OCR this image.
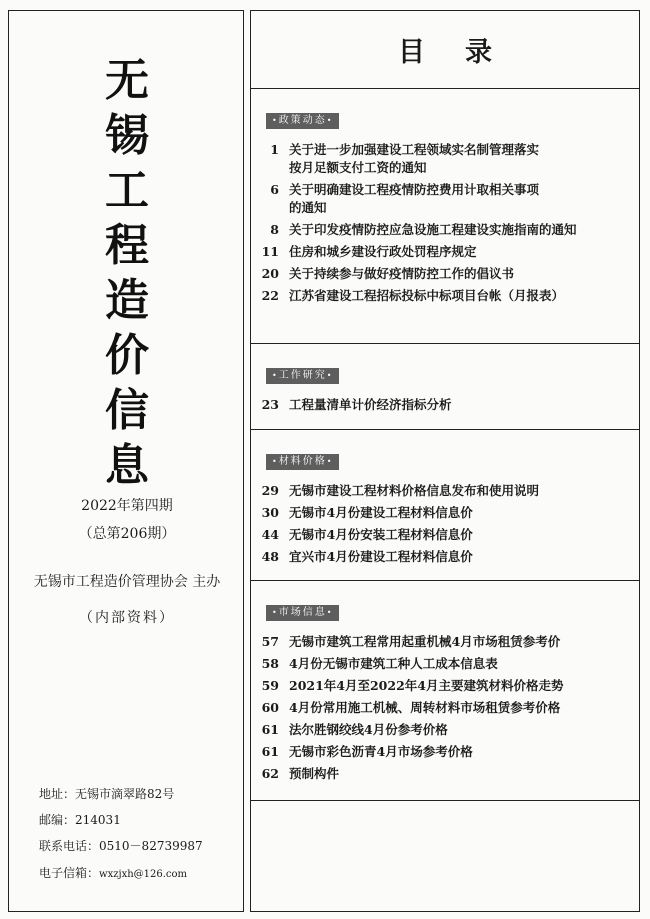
无
锡
工
程
造
价
信
息
2022年第四期
（总第206期）
无锡市工程造价管理协会 主办
（内部资料）
地址：无锡市滴翠路82号
邮编：214031
联系电话：0510－82739987
电子信箱：wxzjxh@126.com
目录
• 政策动态 •
1 关于进一步加强建设工程领域实名制管理落实
按月足额支付工资的通知
6 关于明确建设工程疫情防控费用计取相关事项
的通知
8 关于印发疫情防控应急设施工程建设实施指南的通知
11 住房和城乡建设行政处罚程序规定
20 关于持续参与做好疫情防控工作的倡议书
22 江苏省建设工程招标投标中标项目台帐（月报表）
• 工作研究 •
23 工程量清单计价经济指标分析
• 材料价格 •
29 无锡市建设工程材料价格信息发布和使用说明
30 无锡市4月份建设工程材料信息价
44 无锡市4月份安装工程材料信息价
48 宜兴市4月份建设工程材料信息价
• 市场信息 •
57 无锡市建筑工程常用起重机械4月市场租赁参考价
58 4月份无锡市建筑工种人工成本信息表
59 2021年4月至2022年4月主要建筑材料价格走势
60 4月份常用施工机械、周转材料市场租赁参考价格
61 法尔胜钢绞线4月份参考价格
61 无锡市彩色沥青4月市场参考价格
62 预制构件
